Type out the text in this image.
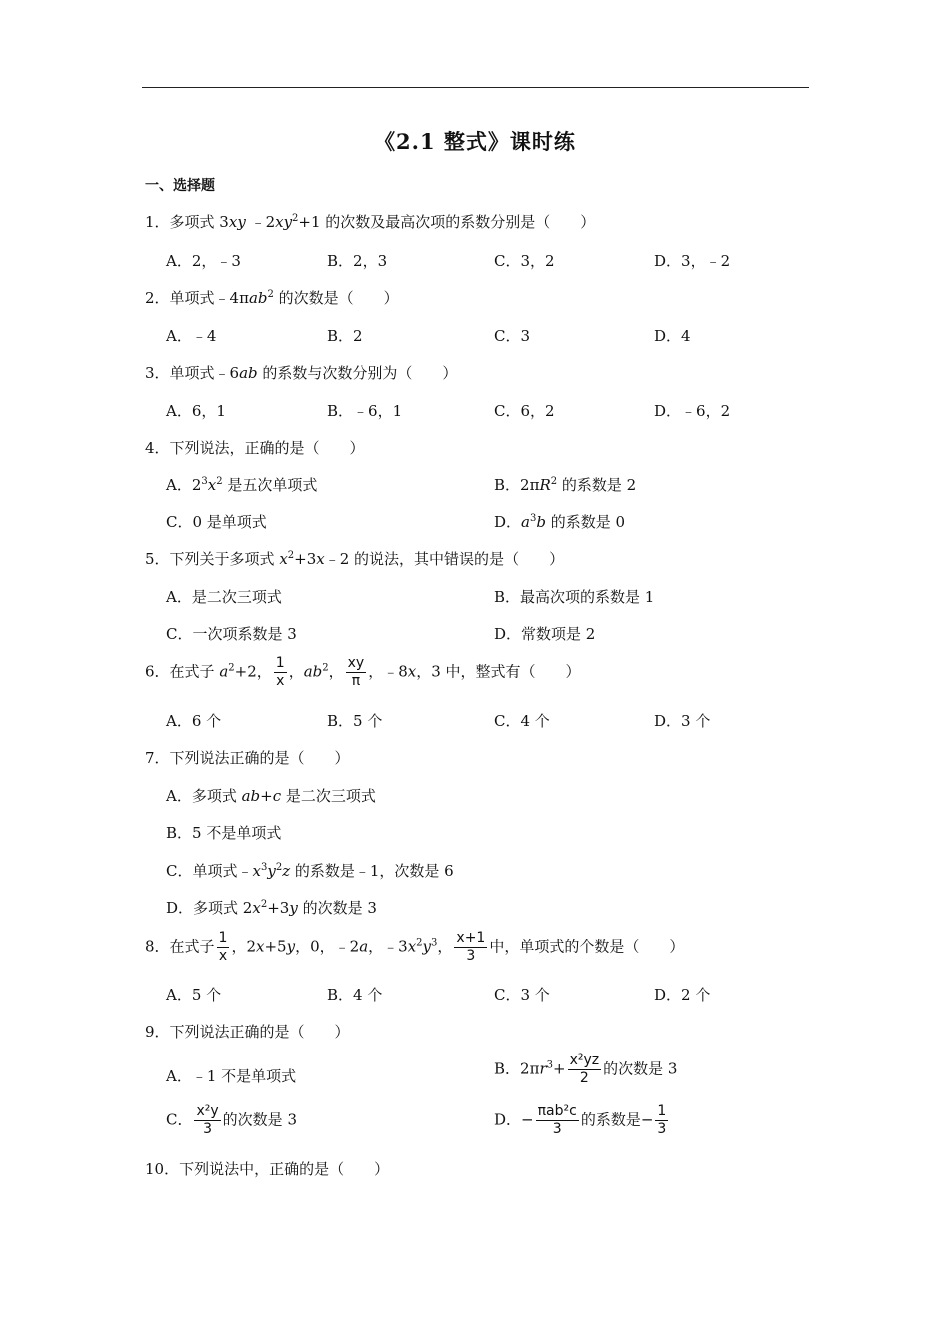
《2.1 整式》课时练
一、选择题
1．多项式 3xy $﹣2xy^2+1$ 的次数及最高次项的系数分别是（　　）
A．2，﹣3	B．2，3	C．3，2	D．3，﹣2
2．单项式﹣4πab$^2$ 的次数是（　　）
A．﹣4	B．2	C．3	D．4
3．单项式﹣6ab 的系数与次数分别为（　　）
A．6，1	B．﹣6，1	C．6，2	D．﹣6，2
4．下列说法，正确的是（　　）
A．$2^3x^2$ 是五次单项式	B．$2\pi R^2$ 的系数是 2
C．0 是单项式	D．$a^3b$ 的系数是 0
5．下列关于多项式 $x^2+3x﹣2$ 的说法，其中错误的是（　　）
A．是二次三项式	B．最高次项的系数是 1
C．一次项系数是 3	D．常数项是 2
6．在式子 $a^2+2$， $\frac{1}{x}$ ，$ab^2$， $\frac{xy}{\pi}$ ，﹣8x，3 中，整式有（　　）
A．6 个	B．5 个	C．4 个	D．3 个
7．下列说法正确的是（　　）
A．多项式 ab+c 是二次三项式
B．5 不是单项式
C．单项式$﹣x^3y^2z$ 的系数是﹣1，次数是 6
D．多项式 $2x^2+3y$ 的次数是 3
8．在式子 $\frac{1}{x}$ ，2x+5y，0，﹣2a，$﹣3x^2y^3$， $\frac{x+1}{3}$ 中，单项式的个数是（　　）
A．5 个	B．4 个	C．3 个	D．2 个
9．下列说法正确的是（　　）
A．﹣1 不是单项式	B．$2\pi r^3+ \frac{\text{x²yz}}{2}$ 的次数是 3
C． $\frac{\text{x²y}}{3}$ 的次数是 3	D．− $\frac{\text{πab²c}}{3}$ 的系数是− $\frac{1}{3}$
10．下列说法中，正确的是（　　）
